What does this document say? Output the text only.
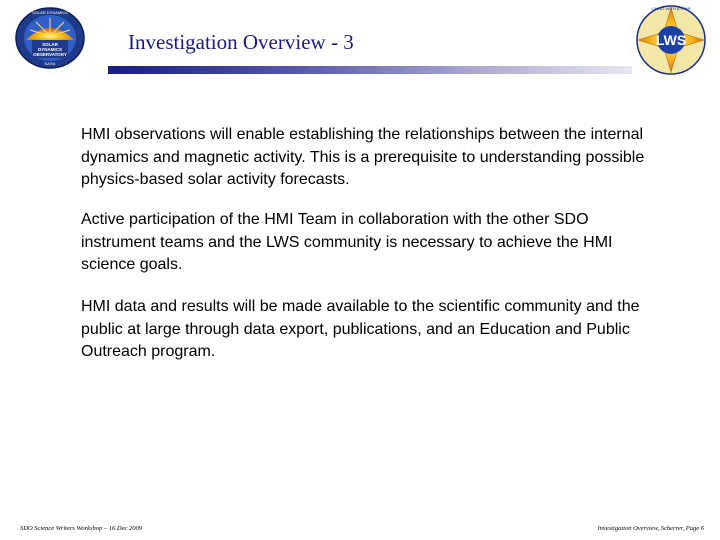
SOLAR
DYNAMICS
OBSERVATORY
SOLAR DYNAMICS
NASA
Investigation Overview - 3	LWS
LIVING WITH A STAR
HMI observations will enable establishing the relationships between the internal dynamics and magnetic activity. This is a prerequisite to understanding possible physics-based solar activity forecasts.
Active participation of the HMI Team in collaboration with the other SDO instrument teams and the LWS community is necessary to achieve the HMI science goals.
HMI data and results will be made available to the scientific community and the public at large through data export, publications, and an Education and Public Outreach program.
SDO Science Writers Workshop – 16 Dec 2009	Investigation Overview, Scherrer, Page 6
